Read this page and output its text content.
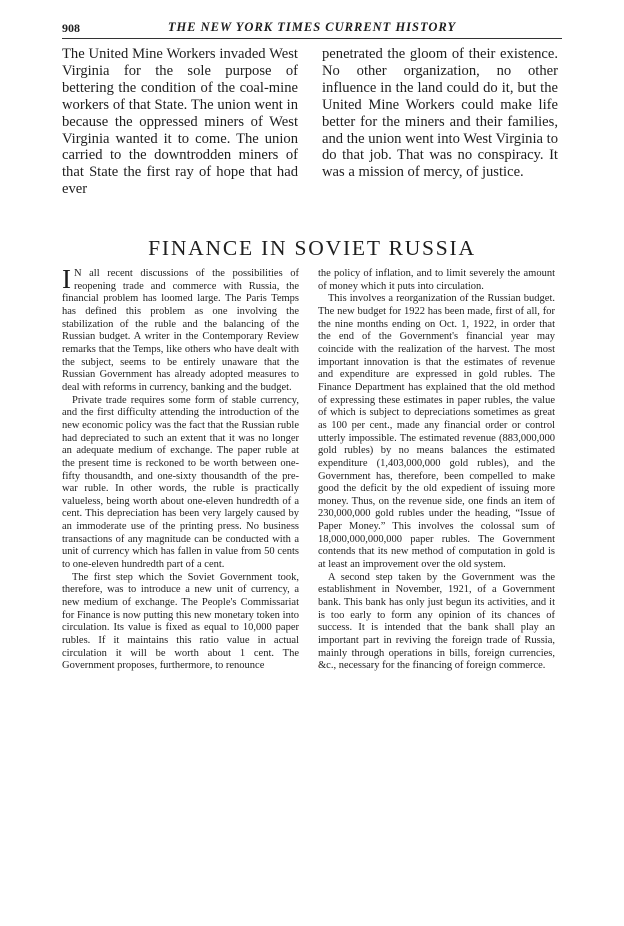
908	THE NEW YORK TIMES CURRENT HISTORY
The United Mine Workers invaded West Virginia for the sole purpose of bettering the condition of the coal-mine workers of that State. The union went in because the oppressed miners of West Virginia wanted it to come. The union carried to the downtrodden miners of that State the first ray of hope that had ever
penetrated the gloom of their existence. No other organization, no other influence in the land could do it, but the United Mine Workers could make life better for the miners and their families, and the union went into West Virginia to do that job. That was no conspiracy. It was a mission of mercy, of justice.
FINANCE IN SOVIET RUSSIA

I N all recent discussions of the possibilities of reopening trade and commerce with Russia, the financial problem has loomed large. The Paris Temps has defined this problem as one involving the stabilization of the ruble and the balancing of the Russian budget. A writer in the Contemporary Review remarks that the Temps, like others who have dealt with the subject, seems to be entirely unaware that the Russian Government has already adopted measures to deal with reforms in currency, banking and the budget.

Private trade requires some form of stable currency, and the first difficulty attending the introduction of the new economic policy was the fact that the Russian ruble had depreciated to such an extent that it was no longer an adequate medium of exchange. The paper ruble at the present time is reckoned to be worth between one-fifty thousandth, and one-sixty thousandth of the pre-war ruble. In other words, the ruble is practically valueless, being worth about one-eleven hundredth of a cent. This depreciation has been very largely caused by an immoderate use of the printing press. No business transactions of any magnitude can be conducted with a unit of currency which has fallen in value from 50 cents to one-eleven hundredth part of a cent.

The first step which the Soviet Government took, therefore, was to introduce a new unit of currency, a new medium of exchange. The People's Commissariat for Finance is now putting this new monetary token into circulation. Its value is fixed as equal to 10,000 paper rubles. If it maintains this ratio value in actual circulation it will be worth about 1 cent. The Government proposes, furthermore, to renounce

the policy of inflation, and to limit severely the amount of money which it puts into circulation.

This involves a reorganization of the Russian budget. The new budget for 1922 has been made, first of all, for the nine months ending on Oct. 1, 1922, in order that the end of the Government's financial year may coincide with the realization of the harvest. The most important innovation is that the estimates of revenue and expenditure are expressed in gold rubles. The Finance Department has explained that the old method of expressing these estimates in paper rubles, the value of which is subject to depreciations sometimes as great as 100 per cent., made any financial order or control utterly impossible. The estimated revenue (883,000,000 gold rubles) by no means balances the estimated expenditure (1,403,000,000 gold rubles), and the Government has, therefore, been compelled to make good the deficit by the old expedient of issuing more money. Thus, on the revenue side, one finds an item of 230,000,000 gold rubles under the heading, “Issue of Paper Money.” This involves the colossal sum of 18,000,000,000,000 paper rubles. The Government contends that its new method of computation in gold is at least an improvement over the old system.

A second step taken by the Government was the establishment in November, 1921, of a Government bank. This bank has only just begun its activities, and it is too early to form any opinion of its chances of success. It is intended that the bank shall play an important part in reviving the foreign trade of Russia, mainly through operations in bills, foreign currencies, &c., necessary for the financing of foreign commerce.
